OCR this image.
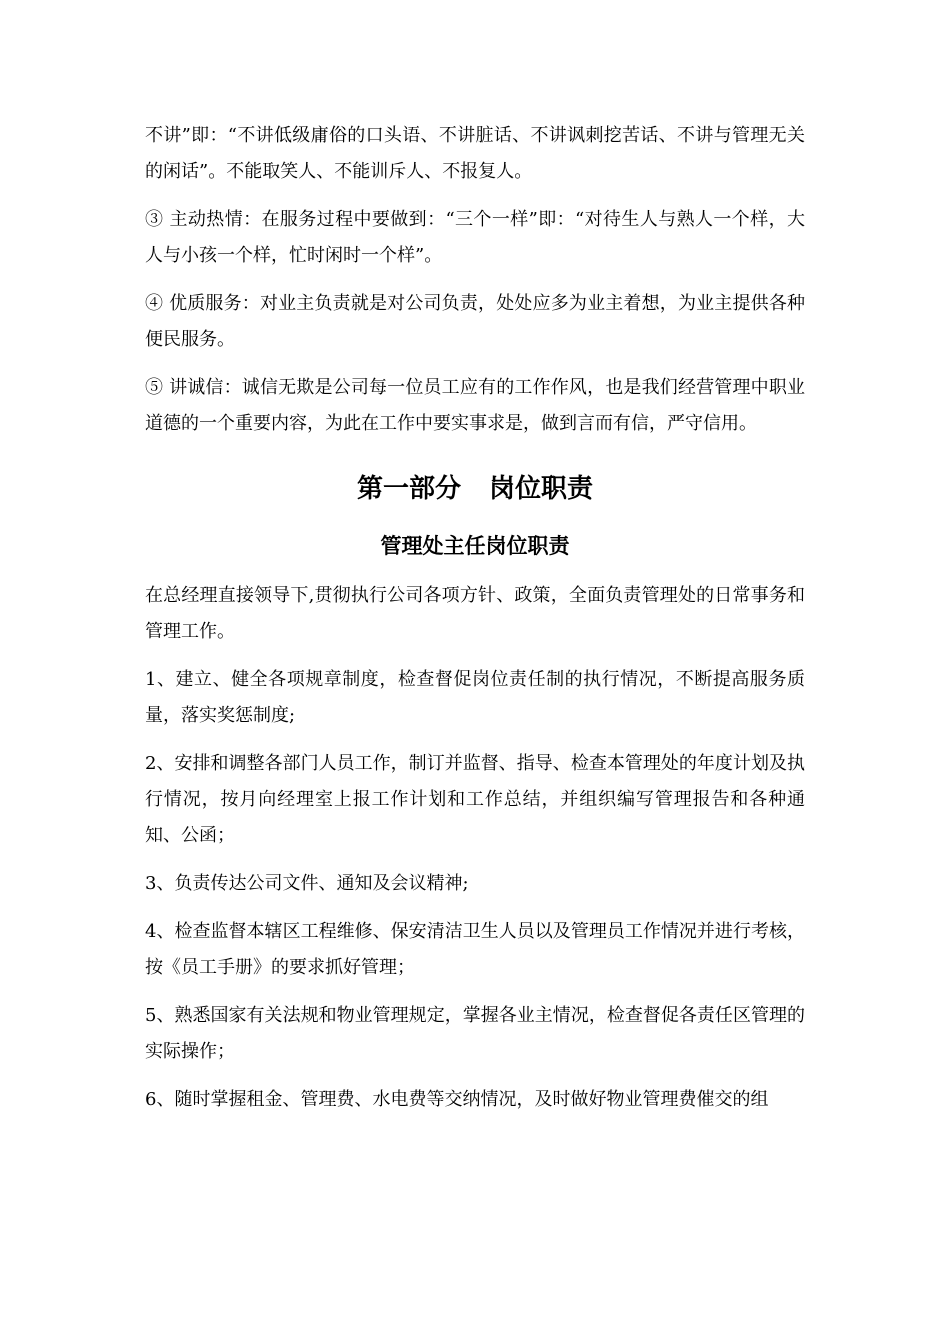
不讲”即：“不讲低级庸俗的口头语、不讲脏话、不讲讽刺挖苦话、不讲与管理无关的闲话”。不能取笑人、不能训斥人、不报复人。

③ 主动热情：在服务过程中要做到：“三个一样”即：“对待生人与熟人一个样，大人与小孩一个样，忙时闲时一个样”。

④ 优质服务：对业主负责就是对公司负责，处处应多为业主着想，为业主提供各种便民服务。

⑤ 讲诚信：诚信无欺是公司每一位员工应有的工作作风，也是我们经营管理中职业道德的一个重要内容，为此在工作中要实事求是，做到言而有信，严守信用。

第一部分 岗位职责
管理处主任岗位职责

在总经理直接领导下,贯彻执行公司各项方针、政策，全面负责管理处的日常事务和管理工作。

1、建立、健全各项规章制度，检查督促岗位责任制的执行情况，不断提高服务质量，落实奖惩制度;

2、安排和调整各部门人员工作，制订并监督、指导、检查本管理处的年度计划及执行情况，按月向经理室上报工作计划和工作总结，并组织编写管理报告和各种通知、公函；

3、负责传达公司文件、通知及会议精神;

4、检查监督本辖区工程维修、保安清洁卫生人员以及管理员工作情况并进行考核，按《员工手册》的要求抓好管理；

5、熟悉国家有关法规和物业管理规定，掌握各业主情况，检查督促各责任区管理的实际操作；

6、随时掌握租金、管理费、水电费等交纳情况，及时做好物业管理费催交的组
